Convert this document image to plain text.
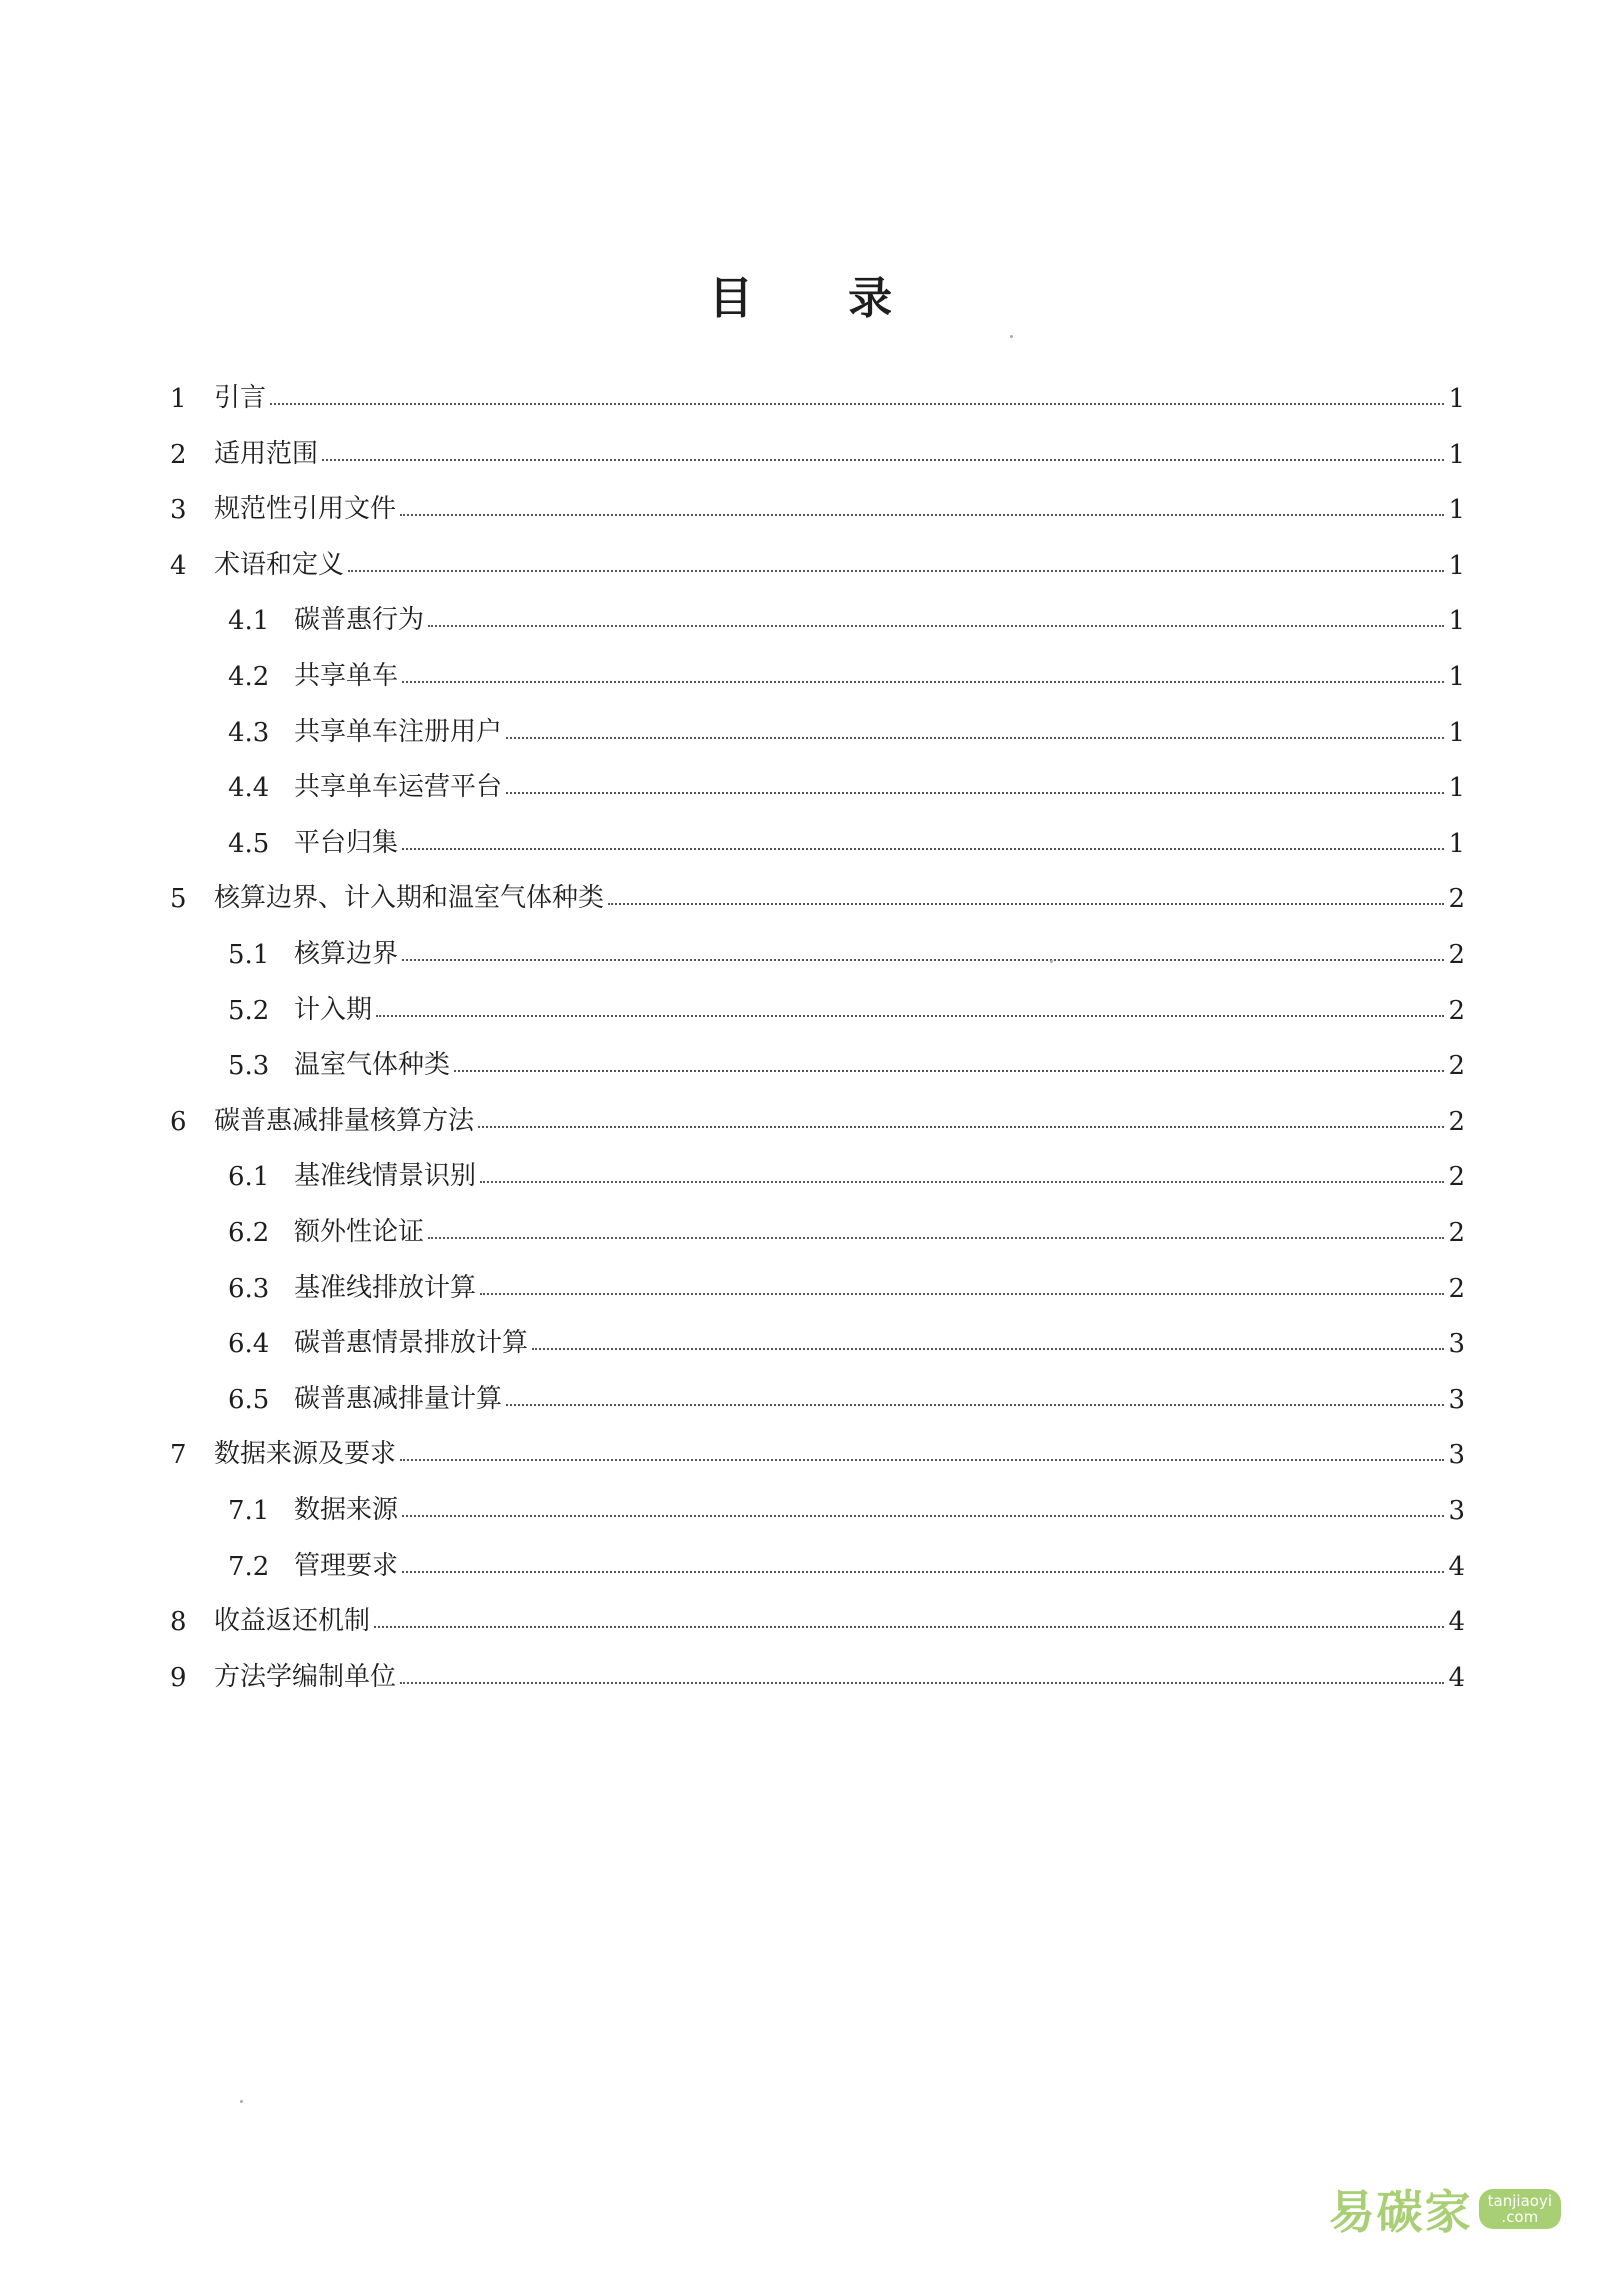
目 录
1	引言	1
2	适用范围	1
3	规范性引用文件	1
4	术语和定义	1
4.1 碳普惠行为	1
4.2 共享单车	1
4.3 共享单车注册用户	1
4.4 共享单车运营平台	1
4.5 平台归集	1
5	核算边界、计入期和温室气体种类	2
5.1 核算边界	2
5.2 计入期	2
5.3 温室气体种类	2
6	碳普惠减排量核算方法	2
6.1 基准线情景识别	2
6.2 额外性论证	2
6.3 基准线排放计算	2
6.4 碳普惠情景排放计算	3
6.5 碳普惠减排量计算	3
7	数据来源及要求	3
7.1 数据来源	3
7.2 管理要求	4
8	收益返还机制	4
9	方法学编制单位	4
易碳家	tanjiaoyi
.com
